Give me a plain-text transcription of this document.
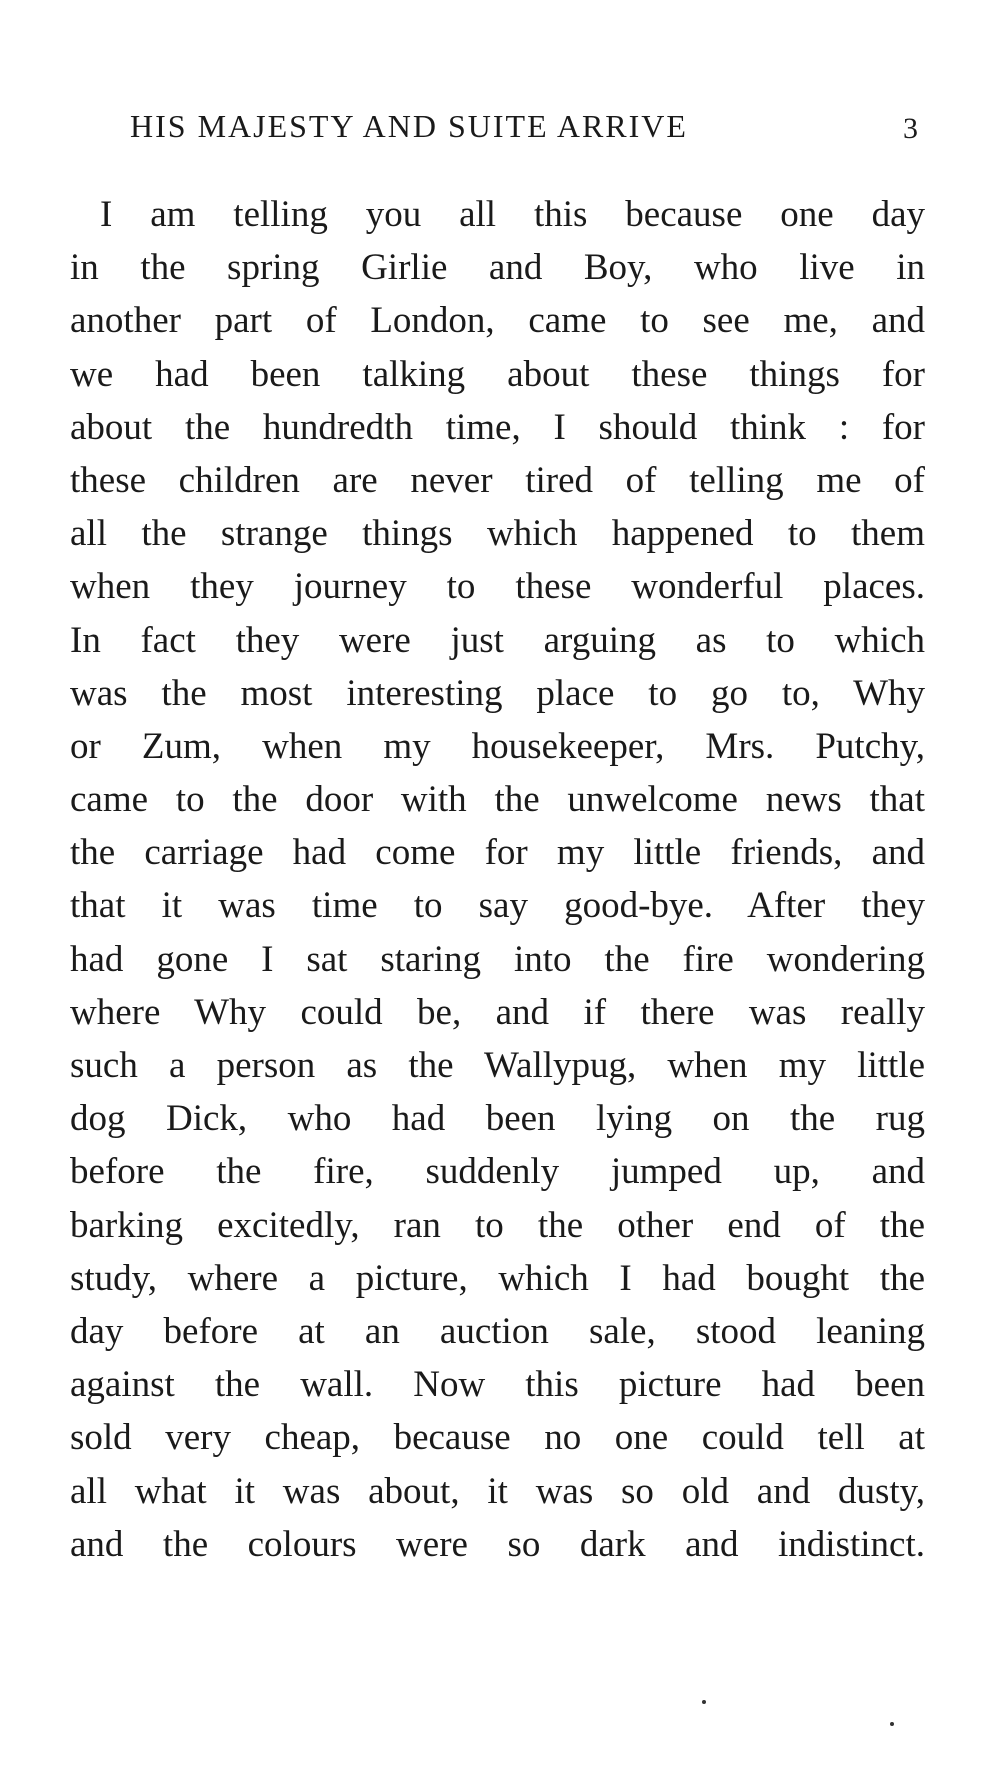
HIS MAJESTY AND SUITE ARRIVE	3
I am telling you all this because one day
in the spring Girlie and Boy, who live in
another part of London, came to see me, and
we had been talking about these things for
about the hundredth time, I should think : for
these children are never tired of telling me of
all the strange things which happened to them
when they journey to these wonderful places.
In fact they were just arguing as to which
was the most interesting place to go to, Why
or Zum, when my housekeeper, Mrs. Putchy,
came to the door with the unwelcome news that
the carriage had come for my little friends, and
that it was time to say good-bye. After they
had gone I sat staring into the fire wondering
where Why could be, and if there was really
such a person as the Wallypug, when my little
dog Dick, who had been lying on the rug
before the fire, suddenly jumped up, and
barking excitedly, ran to the other end of the
study, where a picture, which I had bought the
day before at an auction sale, stood leaning
against the wall. Now this picture had been
sold very cheap, because no one could tell at
all what it was about, it was so old and dusty,
and the colours were so dark and indistinct.
